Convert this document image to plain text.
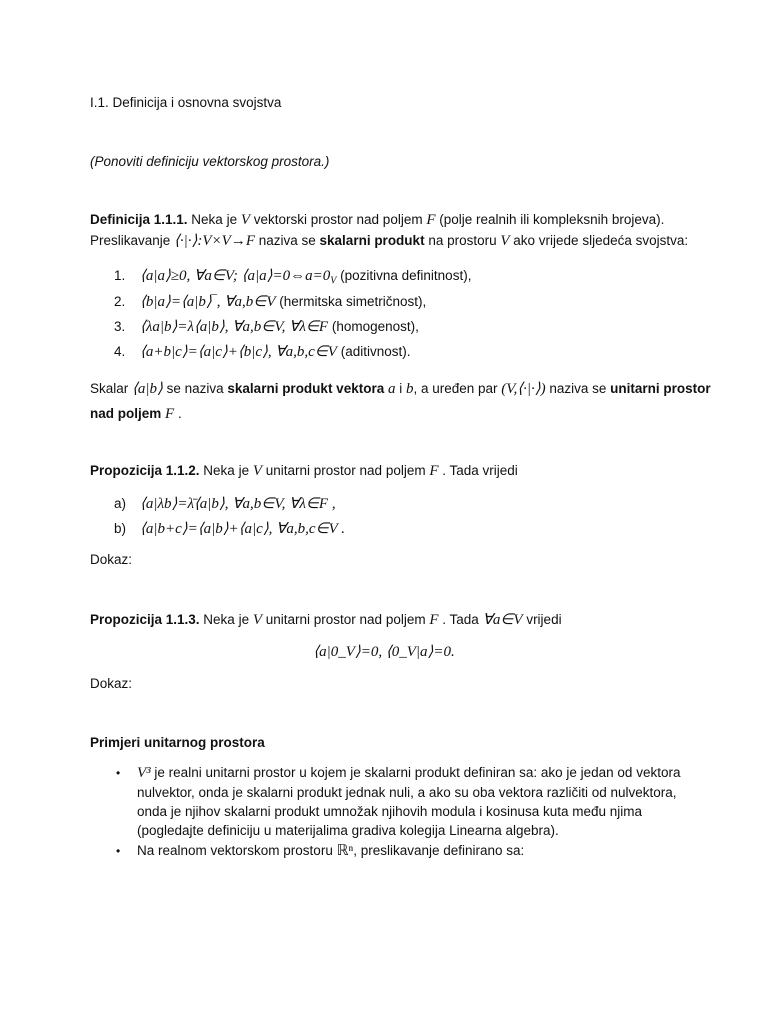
I.1. Definicija i osnovna svojstva
(Ponoviti definiciju vektorskog prostora.)
Definicija 1.1.1. Neka je V vektorski prostor nad poljem F (polje realnih ili kompleksnih brojeva).
Preslikavanje ⟨·|·⟩:V×V→F naziva se skalarni produkt na prostoru V ako vrijede sljedeća svojstva:
1. ⟨a|a⟩≥0, ∀a∈V; $⟨a|a⟩=0\Leftrightarrow a=0_V$ (pozitivna definitnost),
2. ⟨b|a⟩=⟨a|b⟩‾, ∀a,b∈V (hermitska simetričnost),
3. ⟨λa|b⟩=λ⟨a|b⟩, ∀a,b∈V, ∀λ∈F (homogenost),
4. ⟨a+b|c⟩=⟨a|c⟩+⟨b|c⟩, ∀a,b,c∈V (aditivnost).
Skalar ⟨a|b⟩ se naziva skalarni produkt vektora a i b, a uređen par (V,⟨·|·⟩) naziva se unitarni prostor
nad poljem F .
Propozicija 1.1.2. Neka je V unitarni prostor nad poljem F . Tada vrijedi
a) ⟨a|λb⟩=λ̄⟨a|b⟩, ∀a,b∈V, ∀λ∈F ,
b) ⟨a|b+c⟩=⟨a|b⟩+⟨a|c⟩, ∀a,b,c∈V .
Dokaz:
Propozicija 1.1.3. Neka je V unitarni prostor nad poljem F . Tada ∀a∈V vrijedi
⟨a|0_V⟩=0, ⟨0_V|a⟩=0.
Dokaz:
Primjeri unitarnog prostora
• V³ je realni unitarni prostor u kojem je skalarni produkt definiran sa: ako je jedan od vektora nulvektor, onda je skalarni produkt jednak nuli, a ako su oba vektora različiti od nulvektora, onda je njihov skalarni produkt umnožak njihovih modula i kosinusa kuta među njima (pogledajte definiciju u materijalima gradiva kolegija Linearna algebra).
• Na realnom vektorskom prostoru ℝⁿ, preslikavanje definirano sa:
